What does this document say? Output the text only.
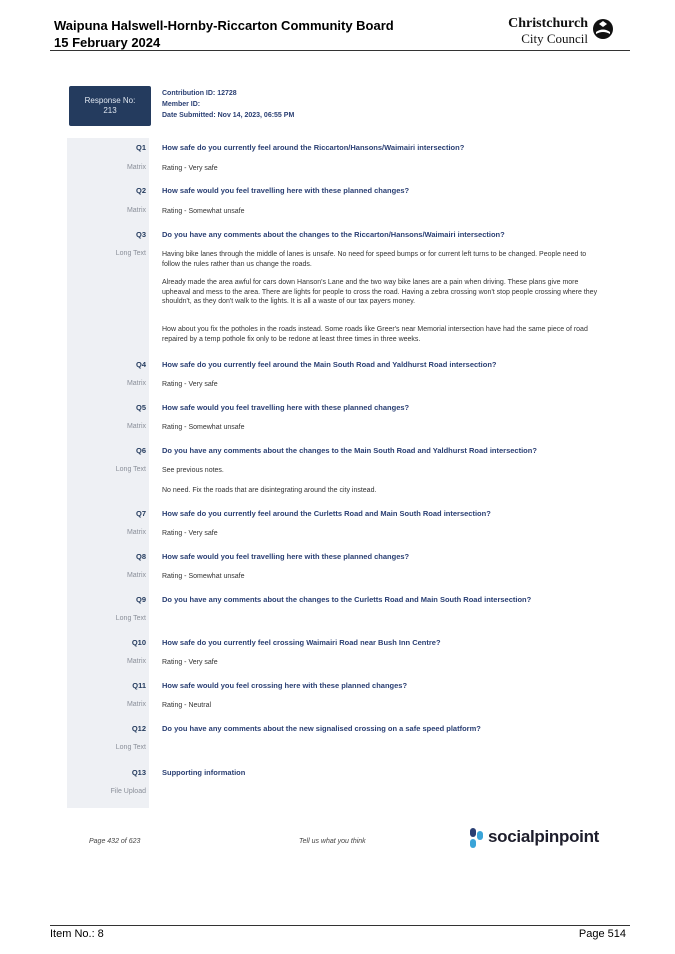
Waipuna Halswell-Hornby-Riccarton Community Board
15 February 2024
Christchurch
City Council
Response No:
213
Contribution ID: 12728
Member ID:
Date Submitted: Nov 14, 2023, 06:55 PM
Q1 How safe do you currently feel around the Riccarton/Hansons/Waimairi intersection?
Matrix Rating - Very safe
Q2 How safe would you feel travelling here with these planned changes?
Matrix Rating - Somewhat unsafe
Q3 Do you have any comments about the changes to the Riccarton/Hansons/Waimairi intersection?
Long Text Having bike lanes through the middle of lanes is unsafe. No need for speed bumps or for current left turns to be changed. People need to follow the rules rather than us change the roads.
Already made the area awful for cars down Hanson's Lane and the two way bike lanes are a pain when driving. These plans give more upheaval and mess to the area. There are lights for people to cross the road. Having a zebra crossing won't stop people crossing where they shouldn't, as they don't walk to the lights. It is all a waste of our tax payers money.
How about you fix the potholes in the roads instead. Some roads like Greer's near Memorial intersection have had the same piece of road repaired by a temp pothole fix only to be redone at least three times in three weeks.
Q4 How safe do you currently feel around the Main South Road and Yaldhurst Road intersection?
Matrix Rating - Very safe
Q5 How safe would you feel travelling here with these planned changes?
Matrix Rating - Somewhat unsafe
Q6 Do you have any comments about the changes to the Main South Road and Yaldhurst Road intersection?
Long Text See previous notes.
No need. Fix the roads that are disintegrating around the city instead.
Q7 How safe do you currently feel around the Curletts Road and Main South Road intersection?
Matrix Rating - Very safe
Q8 How safe would you feel travelling here with these planned changes?
Matrix Rating - Somewhat unsafe
Q9 Do you have any comments about the changes to the Curletts Road and Main South Road intersection?
Long Text
Q10 How safe do you currently feel crossing Waimairi Road near Bush Inn Centre?
Matrix Rating - Very safe
Q11 How safe would you feel crossing here with these planned changes?
Matrix Rating - Neutral
Q12 Do you have any comments about the new signalised crossing on a safe speed platform?
Long Text
Q13 Supporting information
File Upload
Page 432 of 623	Tell us what you think	socialpinpoint
Item No.: 8	Page 514
